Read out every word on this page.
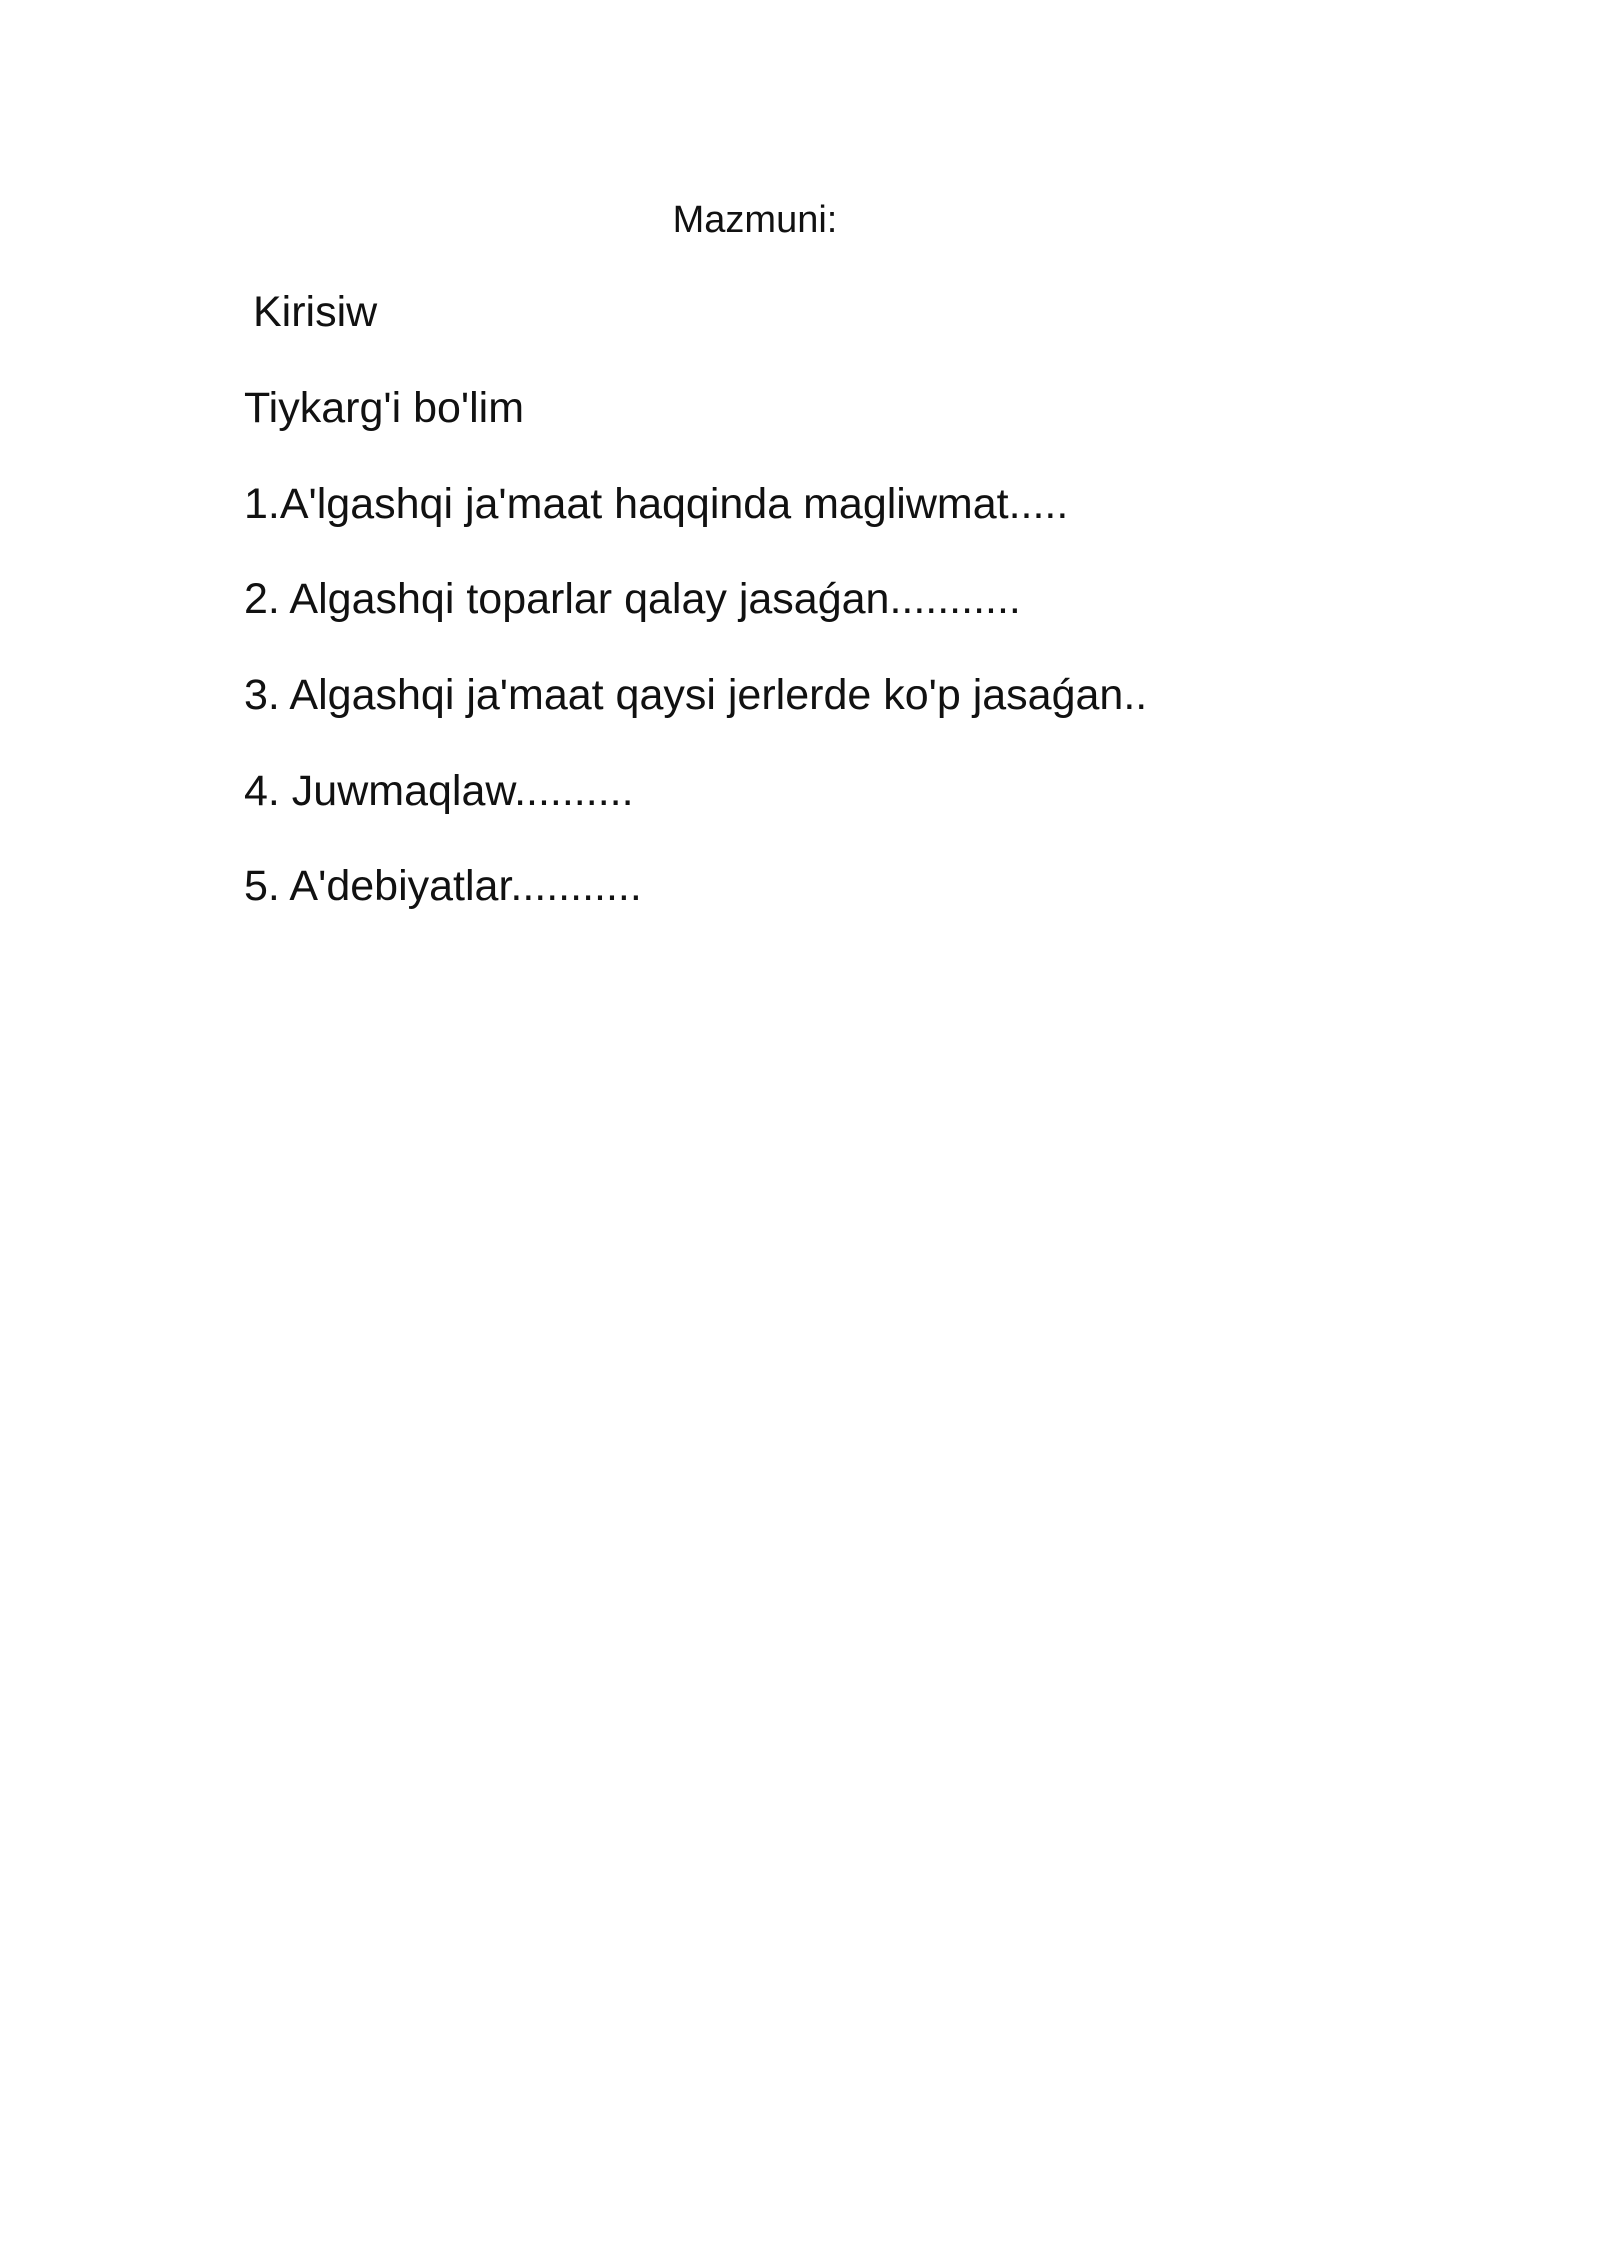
Mazmuni:
Kirisiw
Tiykarg'i bo'lim
1.A'lgashqi ja'maat haqqinda magliwmat.....
2. Algashqi toparlar qalay jasaǵan...........
3. Algashqi ja'maat qaysi jerlerde ko'p jasaǵan..
4. Juwmaqlaw..........
5. A'debiyatlar...........
